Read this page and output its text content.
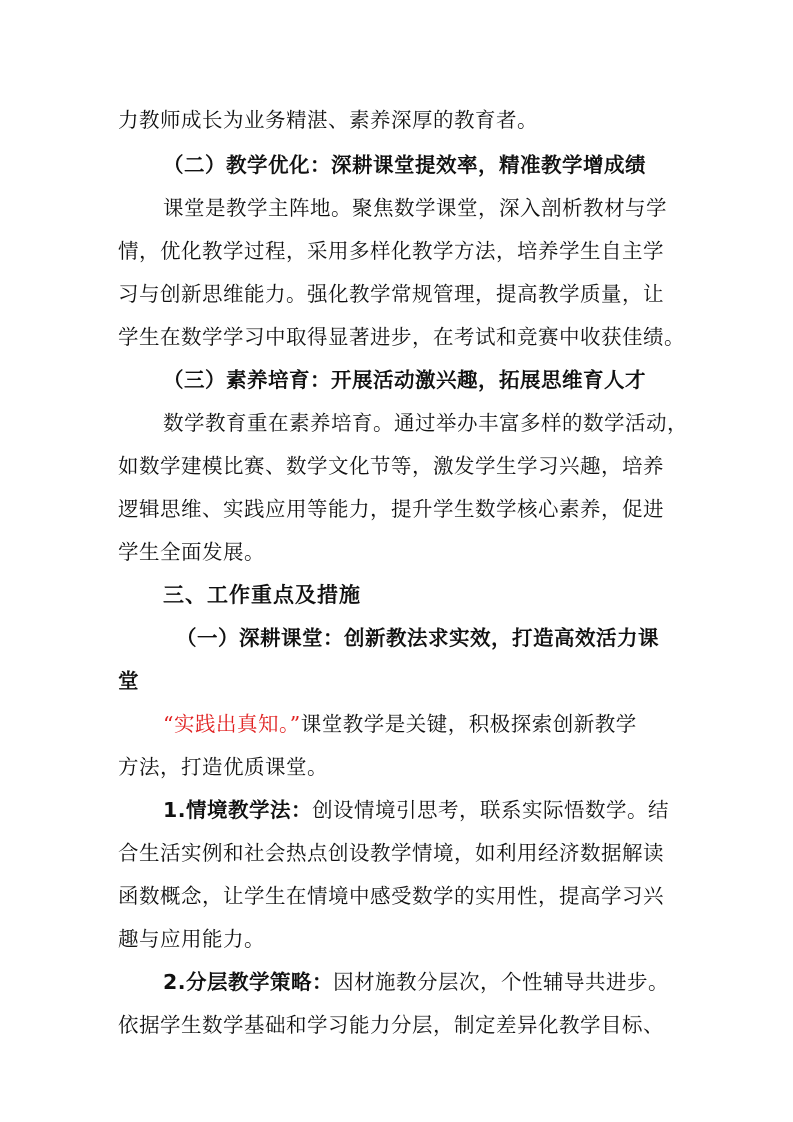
力教师成长为业务精湛、素养深厚的教育者。
（二）教学优化：深耕课堂提效率，精准教学增成绩
课堂是教学主阵地。聚焦数学课堂，深入剖析教材与学
情，优化教学过程，采用多样化教学方法，培养学生自主学
习与创新思维能力。强化教学常规管理，提高教学质量，让
学生在数学学习中取得显著进步，在考试和竞赛中收获佳绩。
（三）素养培育：开展活动激兴趣，拓展思维育人才
数学教育重在素养培育。通过举办丰富多样的数学活动，
如数学建模比赛、数学文化节等，激发学生学习兴趣，培养
逻辑思维、实践应用等能力，提升学生数学核心素养，促进
学生全面发展。
三、工作重点及措施
（一）深耕课堂：创新教法求实效，打造高效活力课
堂
“实践出真知。”课堂教学是关键，积极探索创新教学
方法，打造优质课堂。
1.情境教学法：创设情境引思考，联系实际悟数学。结
合生活实例和社会热点创设教学情境，如利用经济数据解读
函数概念，让学生在情境中感受数学的实用性，提高学习兴
趣与应用能力。
2.分层教学策略：因材施教分层次，个性辅导共进步。
依据学生数学基础和学习能力分层，制定差异化教学目标、
